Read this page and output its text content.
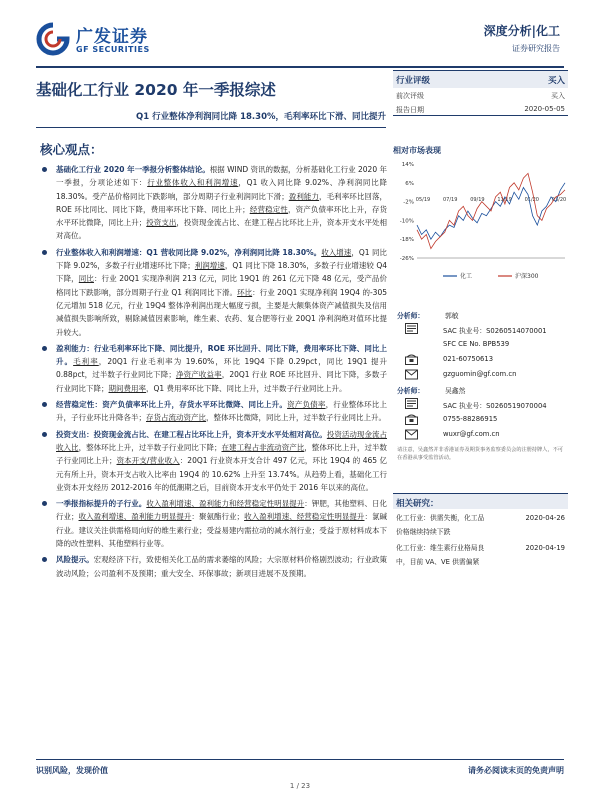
广发证券
GF SECURITIES
深度分析|化工
证券研究报告
基础化工行业 2020 年一季报综述
Q1 行业整体净利润同比降 18.30%，毛利率环比下滑、同比提升
核心观点：
基础化工行业 2020 年一季报分析整体结论。根据 WIND 资讯的数据，分析基础化工行业 2020 年一季报，分项论述如下：行业整体收入和利润增速，Q1 收入同比降 9.02%、净利润同比降 18.30%。受产品价格同比下跌影响，部分周期子行业利润同比下滑；盈利能力，毛利率环比回落，ROE 环比同比、同比下降，费用率环比下降、同比上升；经营稳定性，资产负债率环比上升，存货水平环比微降，同比上升；投资支出，投资现金流占比、在建工程占比环比上升，资本开支水平处相对高位。
行业整体收入和利润增速：Q1 营收同比降 9.02%，净利润同比降 18.30%。收入增速，Q1 同比下降 9.02%，多数子行业增速环比下降；利润增速，Q1 同比下降 18.30%，多数子行业增速较 Q4 下降，同比：行业 20Q1 实现净利润 213 亿元，同比 19Q1 的 261 亿元下降 48 亿元，受产品价格同比下跌影响，部分周期子行业 Q1 利润同比下滑。环比：行业 20Q1 实现净利润 19Q4 的-305 亿元增加 518 亿元，行业 19Q4 整体净利润出现大幅度亏损，主要是大额集体资产减值损失及信用减值损失影响所致，剔除减值因素影响，维生素、农药、复合肥等行业 20Q1 净利润绝对值环比提升较大。
盈利能力：行业毛利率环比下降、同比提升，ROE 环比回升、同比下降，费用率环比下降、同比上升。毛利率，20Q1 行业毛利率为 19.60%，环比 19Q4 下降 0.29pct，同比 19Q1 提升 0.88pct，过半数子行业同比下降；净资产收益率，20Q1 行业 ROE 环比回升、同比下降，多数子行业同比下降；期间费用率，Q1 费用率环比下降、同比上升，过半数子行业同比上升。
经营稳定性：资产负债率环比上升，存货水平环比微降、同比上升。资产负债率，行业整体环比上升，子行业环比升降各半；存货占流动资产比，整体环比微降，同比上升，过半数子行业同比上升。
投资支出：投资现金流占比、在建工程占比环比上升，资本开支水平处相对高位。投资活动现金流占收入比，整体环比上升，过半数子行业同比下降；在建工程占非流动资产比，整体环比上升，过半数子行业同比上升；资本开支/营业收入：20Q1 行业资本开支合计 497 亿元，环比 19Q4 的 465 亿元有所上升，资本开支占收入比率由 19Q4 的 10.62% 上升至 13.74%。从趋势上看，基础化工行业资本开支经历 2012-2016 年的低潮期之后，目前资本开支水平仍处于 2016 年以来的高位。
一季报指标提升的子行业。收入盈利增速、盈利能力和经营稳定性明显提升：钾肥，其他塑料、日化行业；收入盈利增速、盈利能力明显提升：聚氨酯行业；收入盈利增速、经营稳定性明显提升：氯碱行业。建议关注供需格局向好的维生素行业；受益易建内需拉动的减水剂行业；受益于原材料成本下降的改性塑料、其他塑料行业等。
风险提示。宏观经济下行，致使相关化工品的需求萎缩的风险；大宗原材料价格剧烈波动；行业政策波动风险；公司盈利不及预期；重大安全、环保事故；新项目进展不及预期。
行业评级	买入
前次评级	买入
报告日期	2020-05-05
相对市场表现
14%
6%
-2%
-10%
-18%
-26%
05/19	07/19	09/19	11/19	01/20	03/20
化工	沪深300
分析师：	郭敏
SAC 执业号：S0260514070001
SFC CE No. BPB539
021-60750613
gzguomin@gf.com.cn
分析师：	吴鑫然
SAC 执业号：S0260519070004
0755-88286915
wuxr@gf.com.cn
请注意，吴鑫然并非香港证券及期货事务监察委员会的注册持牌人，不可在香港从事受监管活动。
相关研究：
化工行业：供需失衡，化工品	2020-04-26
价格继续持续下跌
化工行业：维生素行业格局良	2020-04-19
中，目前 VA、VE 供需偏紧
识别风险，发现价值	请务必阅读末页的免责声明
1 / 23
